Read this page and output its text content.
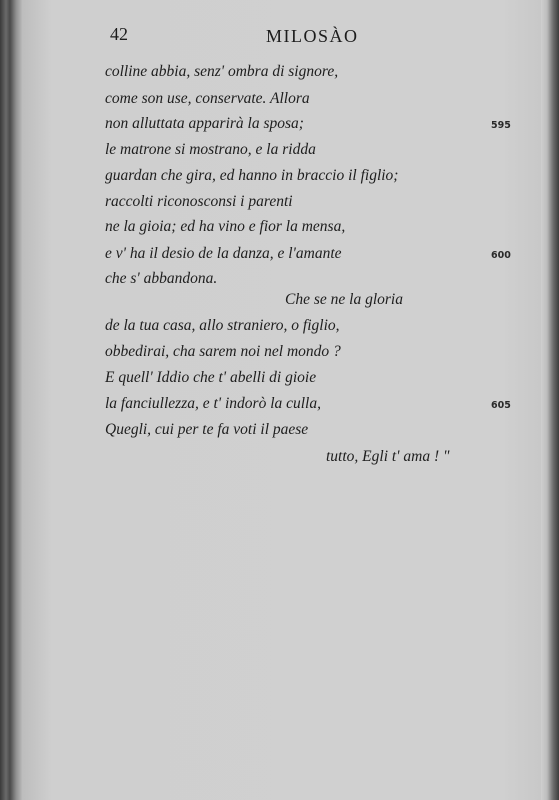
42	MILOSÀO
colline abbia, senz' ombra di signore,
come son use, conservate. Allora
non alluttata apparirà la sposa;	595
le matrone si mostrano, e la ridda
guardan che gira, ed hanno in braccio il figlio;
raccolti riconosconsi i parenti
ne la gioia; ed ha vino e fior la mensa,
e v' ha il desio de la danza, e l'amante	600
che s' abbandona.
Che se ne la gloria
de la tua casa, allo straniero, o figlio,
obbedirai, cha sarem noi nel mondo ?
E quell' Iddio che t' abelli di gioie
la fanciullezza, e t' indorò la culla,	605
Quegli, cui per te fa voti il paese
tutto, Egli t' ama ! "
